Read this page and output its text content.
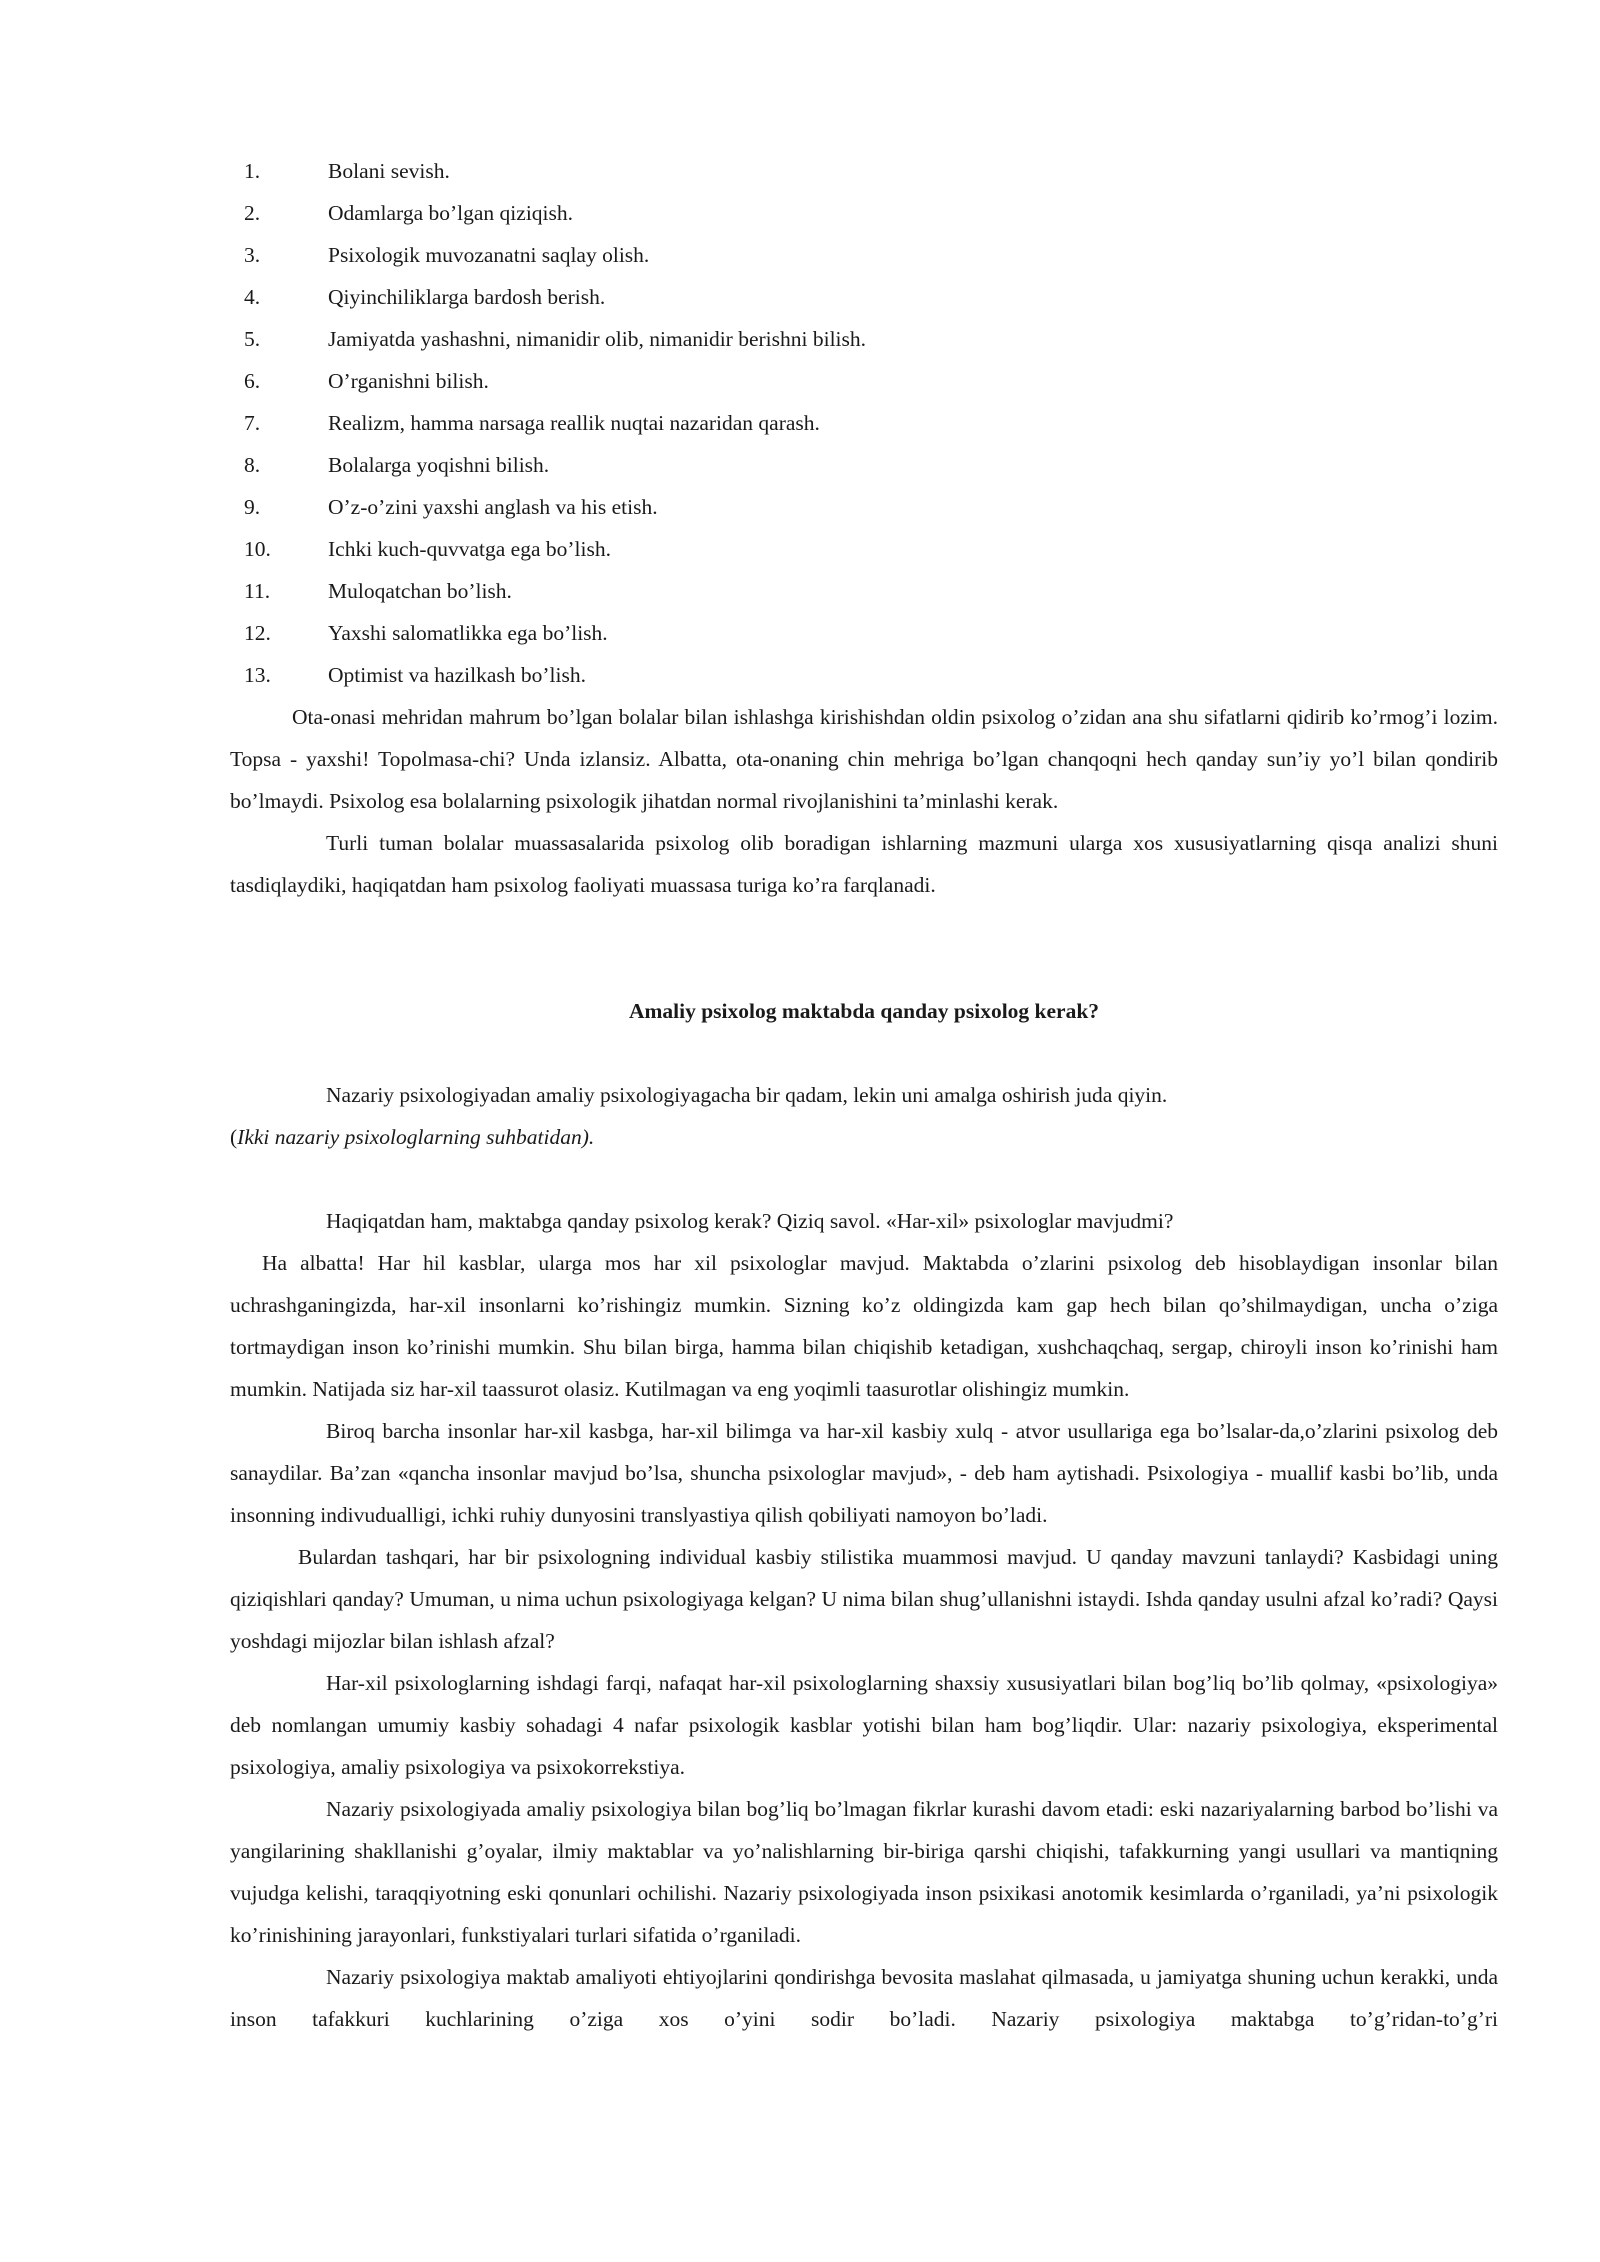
1.	Bolani sevish.
2.	Odamlarga bo’lgan qiziqish.
3.	Psixologik muvozanatni saqlay olish.
4.	Qiyinchiliklarga bardosh berish.
5.	Jamiyatda yashashni, nimanidir olib, nimanidir berishni bilish.
6.	O’rganishni bilish.
7.	Realizm, hamma narsaga reallik nuqtai nazaridan qarash.
8.	Bolalarga yoqishni bilish.
9.	O’z-o’zini yaxshi anglash va his etish.
10.	Ichki kuch-quvvatga ega bo’lish.
11.	Muloqatchan bo’lish.
12.	Yaxshi salomatlikka ega bo’lish.
13.	Optimist va hazilkash bo’lish.

Ota-onasi mehridan mahrum bo’lgan bolalar bilan ishlashga kirishishdan oldin psixolog o’zidan ana shu sifatlarni qidirib ko’rmog’i lozim. Topsa - yaxshi! Topolmasa-chi? Unda izlansiz. Albatta, ota-onaning chin mehriga bo’lgan chanqoqni hech qanday sun’iy yo’l bilan qondirib bo’lmaydi. Psixolog esa bolalarning psixologik jihatdan normal rivojlanishini ta’minlashi kerak.

Turli tuman bolalar muassasalarida psixolog olib boradigan ishlarning mazmuni ularga xos xususiyatlarning qisqa analizi shuni tasdiqlaydiki, haqiqatdan ham psixolog faoliyati muassasa turiga ko’ra farqlanadi.

Amaliy psixolog maktabda qanday psixolog kerak?

Nazariy psixologiyadan amaliy psixologiyagacha bir qadam, lekin uni amalga oshirish juda qiyin.

(Ikki nazariy psixologlarning suhbatidan).

Haqiqatdan ham, maktabga qanday psixolog kerak? Qiziq savol. «Har-xil» psixologlar mavjudmi?

Ha albatta! Har hil kasblar, ularga mos har xil psixologlar mavjud. Maktabda o’zlarini psixolog deb hisoblaydigan insonlar bilan uchrashganingizda, har-xil insonlarni ko’rishingiz mumkin. Sizning ko’z oldingizda kam gap hech bilan qo’shilmaydigan, uncha o’ziga tortmaydigan inson ko’rinishi mumkin. Shu bilan birga, hamma bilan chiqishib ketadigan, xushchaqchaq, sergap, chiroyli inson ko’rinishi ham mumkin. Natijada siz har-xil taassurot olasiz. Kutilmagan va eng yoqimli taasurotlar olishingiz mumkin.

Biroq barcha insonlar har-xil kasbga, har-xil bilimga va har-xil kasbiy xulq - atvor usullariga ega bo’lsalar-da,o’zlarini psixolog deb sanaydilar. Ba’zan «qancha insonlar mavjud bo’lsa, shuncha psixologlar mavjud», - deb ham aytishadi. Psixologiya - muallif kasbi bo’lib, unda insonning indivudualligi, ichki ruhiy dunyosini translyastiya qilish qobiliyati namoyon bo’ladi.

Bulardan tashqari, har bir psixologning individual kasbiy stilistika muammosi mavjud. U qanday mavzuni tanlaydi? Kasbidagi uning qiziqishlari qanday? Umuman, u nima uchun psixologiyaga kelgan? U nima bilan shug’ullanishni istaydi. Ishda qanday usulni afzal ko’radi? Qaysi yoshdagi mijozlar bilan ishlash afzal?

Har-xil psixologlarning ishdagi farqi, nafaqat har-xil psixologlarning shaxsiy xususiyatlari bilan bog’liq bo’lib qolmay, «psixologiya» deb nomlangan umumiy kasbiy sohadagi 4 nafar psixologik kasblar yotishi bilan ham bog’liqdir. Ular: nazariy psixologiya, eksperimental psixologiya, amaliy psixologiya va psixokorrekstiya.

Nazariy psixologiyada amaliy psixologiya bilan bog’liq bo’lmagan fikrlar kurashi davom etadi: eski nazariyalarning barbod bo’lishi va yangilarining shakllanishi g’oyalar, ilmiy maktablar va yo’nalishlarning bir-biriga qarshi chiqishi, tafakkurning yangi usullari va mantiqning vujudga kelishi, taraqqiyotning eski qonunlari ochilishi. Nazariy psixologiyada inson psixikasi anotomik kesimlarda o’rganiladi, ya’ni psixologik ko’rinishining jarayonlari, funkstiyalari turlari sifatida o’rganiladi.

Nazariy psixologiya maktab amaliyoti ehtiyojlarini qondirishga bevosita maslahat qilmasada, u jamiyatga shuning uchun kerakki, unda inson tafakkuri kuchlarining o’ziga xos o’yini sodir bo’ladi. Nazariy psixologiya maktabga to’g’ridan-to’g’ri
